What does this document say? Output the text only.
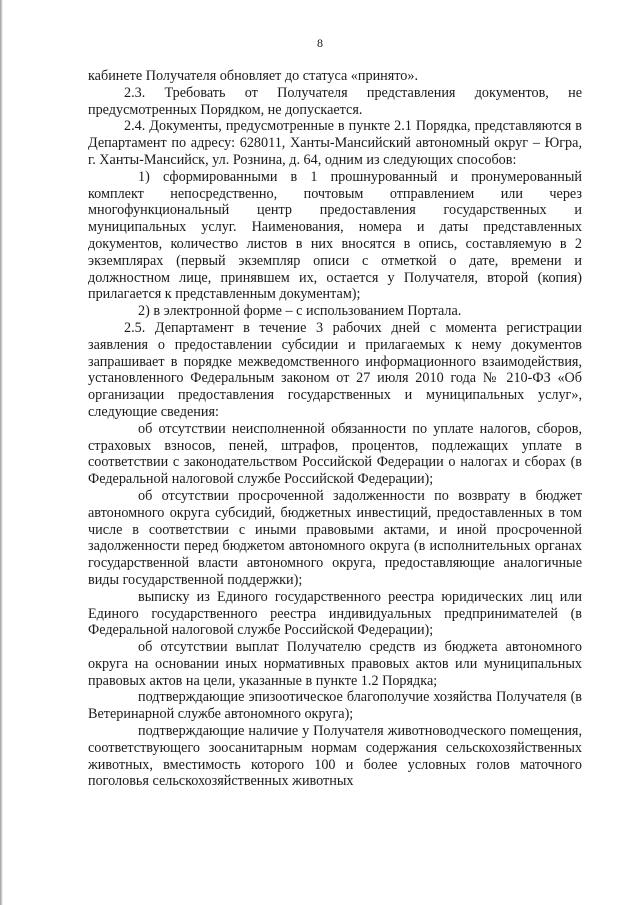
8

кабинете Получателя обновляет до статуса «принято».

2.3. Требовать от Получателя представления документов, не предусмотренных Порядком, не допускается.

2.4. Документы, предусмотренные в пункте 2.1 Порядка, представляются в Департамент по адресу: 628011, Ханты-Мансийский автономный округ – Югра, г. Ханты-Мансийск, ул. Рознина, д. 64, одним из следующих способов:

1) сформированными в 1 прошнурованный и пронумерованный комплект непосредственно, почтовым отправлением или через многофункциональный центр предоставления государственных и муниципальных услуг. Наименования, номера и даты представленных документов, количество листов в них вносятся в опись, составляемую в 2 экземплярах (первый экземпляр описи с отметкой о дате, времени и должностном лице, принявшем их, остается у Получателя, второй (копия) прилагается к представленным документам);

2) в электронной форме – с использованием Портала.

2.5. Департамент в течение 3 рабочих дней с момента регистрации заявления о предоставлении субсидии и прилагаемых к нему документов запрашивает в порядке межведомственного информационного взаимодействия, установленного Федеральным законом от 27 июля 2010 года № 210-ФЗ «Об организации предоставления государственных и муниципальных услуг», следующие сведения:

об отсутствии неисполненной обязанности по уплате налогов, сборов, страховых взносов, пеней, штрафов, процентов, подлежащих уплате в соответствии с законодательством Российской Федерации о налогах и сборах (в Федеральной налоговой службе Российской Федерации);

об отсутствии просроченной задолженности по возврату в бюджет автономного округа субсидий, бюджетных инвестиций, предоставленных в том числе в соответствии с иными правовыми актами, и иной просроченной задолженности перед бюджетом автономного округа (в исполнительных органах государственной власти автономного округа, предоставляющие аналогичные виды государственной поддержки);

выписку из Единого государственного реестра юридических лиц или Единого государственного реестра индивидуальных предпринимателей (в Федеральной налоговой службе Российской Федерации);

об отсутствии выплат Получателю средств из бюджета автономного округа на основании иных нормативных правовых актов или муниципальных правовых актов на цели, указанные в пункте 1.2 Порядка;

подтверждающие эпизоотическое благополучие хозяйства Получателя (в Ветеринарной службе автономного округа);

подтверждающие наличие у Получателя животноводческого помещения, соответствующего зоосанитарным нормам содержания сельскохозяйственных животных, вместимость которого 100 и более условных голов маточного поголовья сельскохозяйственных животных
